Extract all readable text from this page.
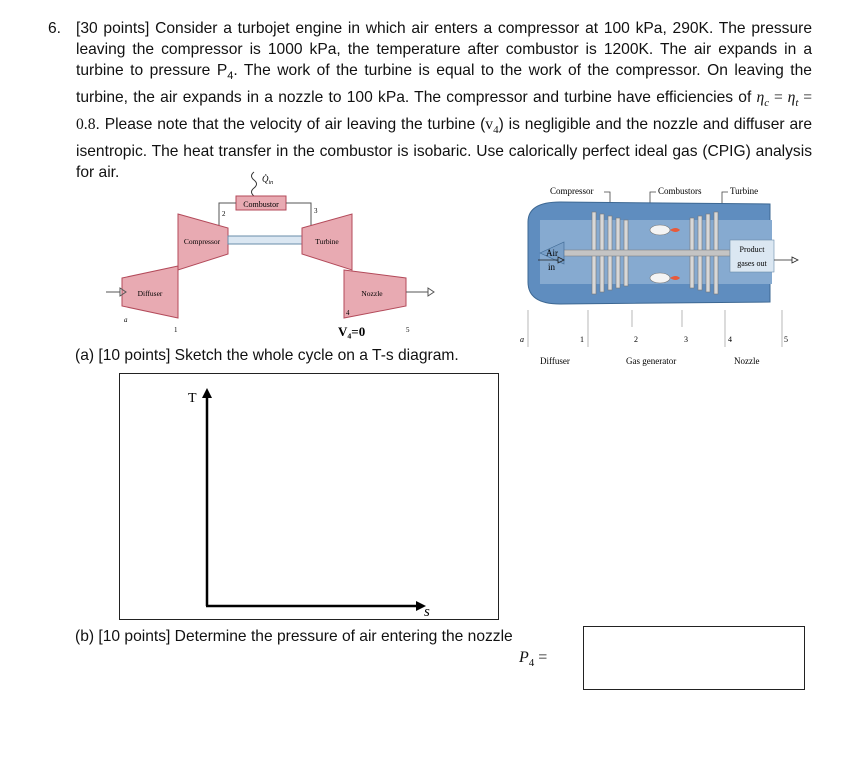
6. [30 points] Consider a turbojet engine in which air enters a compressor at 100 kPa, 290K. The pressure leaving the compressor is 1000 kPa, the temperature after combustor is 1200K. The air expands in a turbine to pressure $P_4$. The work of the turbine is equal to the work of the compressor. On leaving the turbine, the air expands in a nozzle to 100 kPa. The compressor and turbine have efficiencies of $\eta_c = \eta_t = 0.8$. Please note that the velocity of air leaving the turbine $(v_4)$ is negligible and the nozzle and diffuser are isentropic. The heat transfer in the combustor is isobaric. Use calorically perfect ideal gas (CPIG) analysis for air.	$Q̇_{in}$
Combustor
2	3
Compressor	Turbine
Diffuser	Nozzle
a
1
4
5
V₄=0
Compressor	Combustors	Turbine
Air
in
Product
gases out
a	1	2	3	4	5
Diffuser	Gas generator	Nozzle
(a) [10 points] Sketch the whole cycle on a T-s diagram.
T
s
(b) [10 points] Determine the pressure of air entering the nozzle
$P_4$ =
